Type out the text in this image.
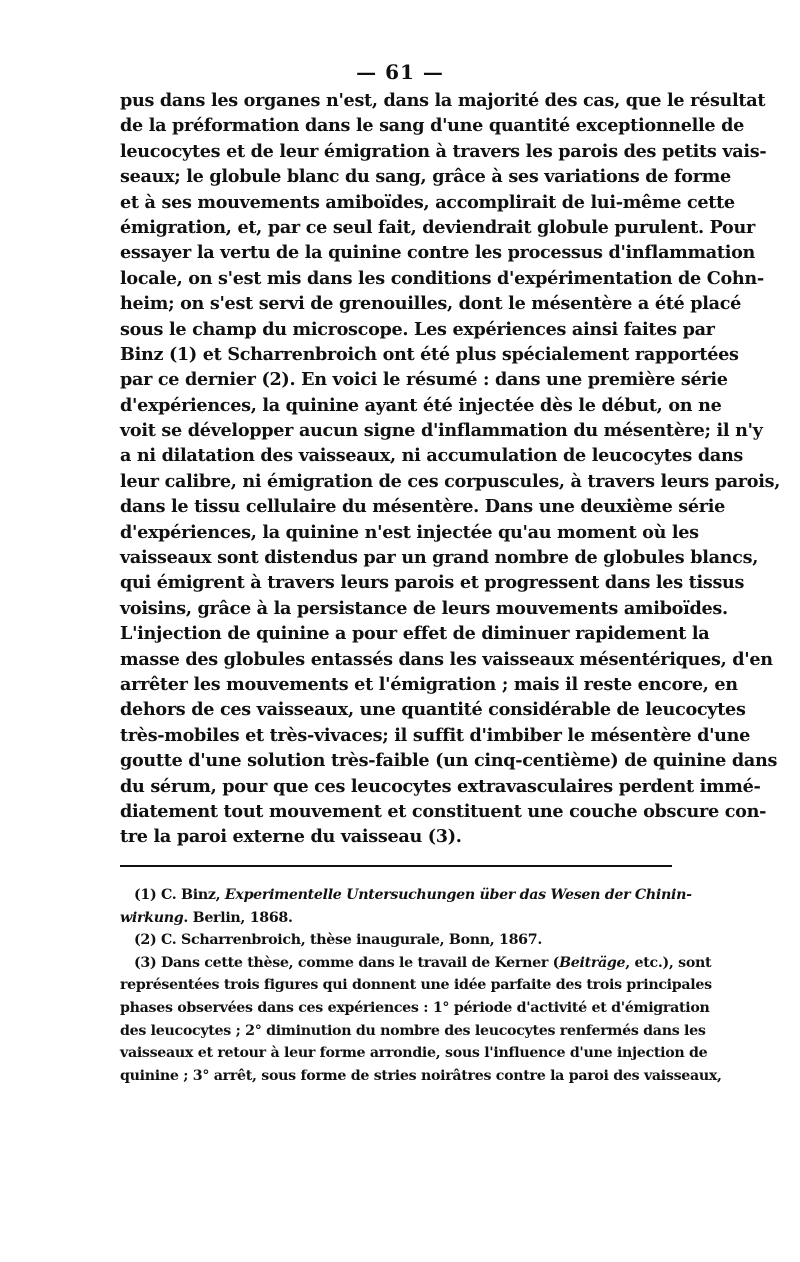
— 61 —
pus dans les organes n'est, dans la majorité des cas, que le résultat
de la préformation dans le sang d'une quantité exceptionnelle de
leucocytes et de leur émigration à travers les parois des petits vais-
seaux; le globule blanc du sang, grâce à ses variations de forme
et à ses mouvements amiboïdes, accomplirait de lui-même cette
émigration, et, par ce seul fait, deviendrait globule purulent. Pour
essayer la vertu de la quinine contre les processus d'inflammation
locale, on s'est mis dans les conditions d'expérimentation de Cohn-
heim; on s'est servi de grenouilles, dont le mésentère a été placé
sous le champ du microscope. Les expériences ainsi faites par
Binz (1) et Scharrenbroich ont été plus spécialement rapportées
par ce dernier (2). En voici le résumé : dans une première série
d'expériences, la quinine ayant été injectée dès le début, on ne
voit se développer aucun signe d'inflammation du mésentère; il n'y
a ni dilatation des vaisseaux, ni accumulation de leucocytes dans
leur calibre, ni émigration de ces corpuscules, à travers leurs parois,
dans le tissu cellulaire du mésentère. Dans une deuxième série
d'expériences, la quinine n'est injectée qu'au moment où les
vaisseaux sont distendus par un grand nombre de globules blancs,
qui émigrent à travers leurs parois et progressent dans les tissus
voisins, grâce à la persistance de leurs mouvements amiboïdes.
L'injection de quinine a pour effet de diminuer rapidement la
masse des globules entassés dans les vaisseaux mésentériques, d'en
arrêter les mouvements et l'émigration ; mais il reste encore, en
dehors de ces vaisseaux, une quantité considérable de leucocytes
très-mobiles et très-vivaces; il suffit d'imbiber le mésentère d'une
goutte d'une solution très-faible (un cinq-centième) de quinine dans
du sérum, pour que ces leucocytes extravasculaires perdent immé-
diatement tout mouvement et constituent une couche obscure con-
tre la paroi externe du vaisseau (3).
(1) C. Binz, Experimentelle Untersuchungen über das Wesen der Chinin-
wirkung. Berlin, 1868.
(2) C. Scharrenbroich, thèse inaugurale, Bonn, 1867.
(3) Dans cette thèse, comme dans le travail de Kerner (Beiträge, etc.), sont
représentées trois figures qui donnent une idée parfaite des trois principales
phases observées dans ces expériences : 1° période d'activité et d'émigration
des leucocytes ; 2° diminution du nombre des leucocytes renfermés dans les
vaisseaux et retour à leur forme arrondie, sous l'influence d'une injection de
quinine ; 3° arrêt, sous forme de stries noirâtres contre la paroi des vaisseaux,
